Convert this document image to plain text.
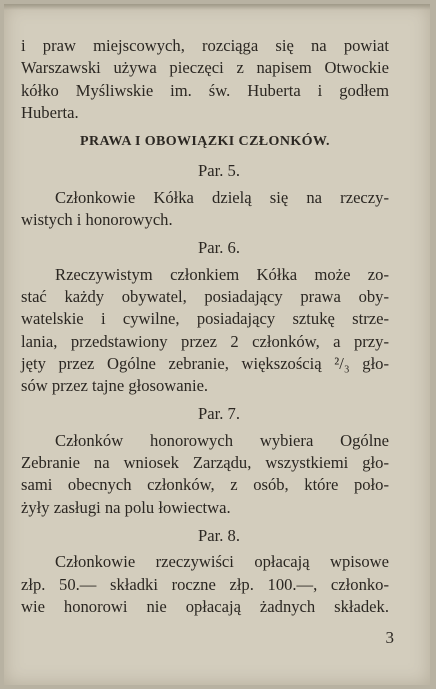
i praw miejscowych, rozciąga się na powiat
Warszawski używa pieczęci z napisem Otwockie
kółko Myśliwskie im. św. Huberta i godłem
Huberta.
PRAWA I OBOWIĄZKI CZŁONKÓW.
Par. 5.
Członkowie Kółka dzielą się na rzeczy-
wistych i honorowych.
Par. 6.
Rzeczywistym członkiem Kółka może zo-
stać każdy obywatel, posiadający prawa oby-
watelskie i cywilne, posiadający sztukę strze-
lania, przedstawiony przez 2 członków, a przy-
jęty przez Ogólne zebranie, większością ²/₃ gło-
sów przez tajne głosowanie.
Par. 7.
Członków honorowych wybiera Ogólne
Zebranie na wniosek Zarządu, wszystkiemi gło-
sami obecnych członków, z osób, które poło-
żyły zasługi na polu łowiectwa.
Par. 8.
Członkowie rzeczywiści opłacają wpisowe
złp. 50.— składki roczne złp. 100.—, członko-
wie honorowi nie opłacają żadnych składek.
3
